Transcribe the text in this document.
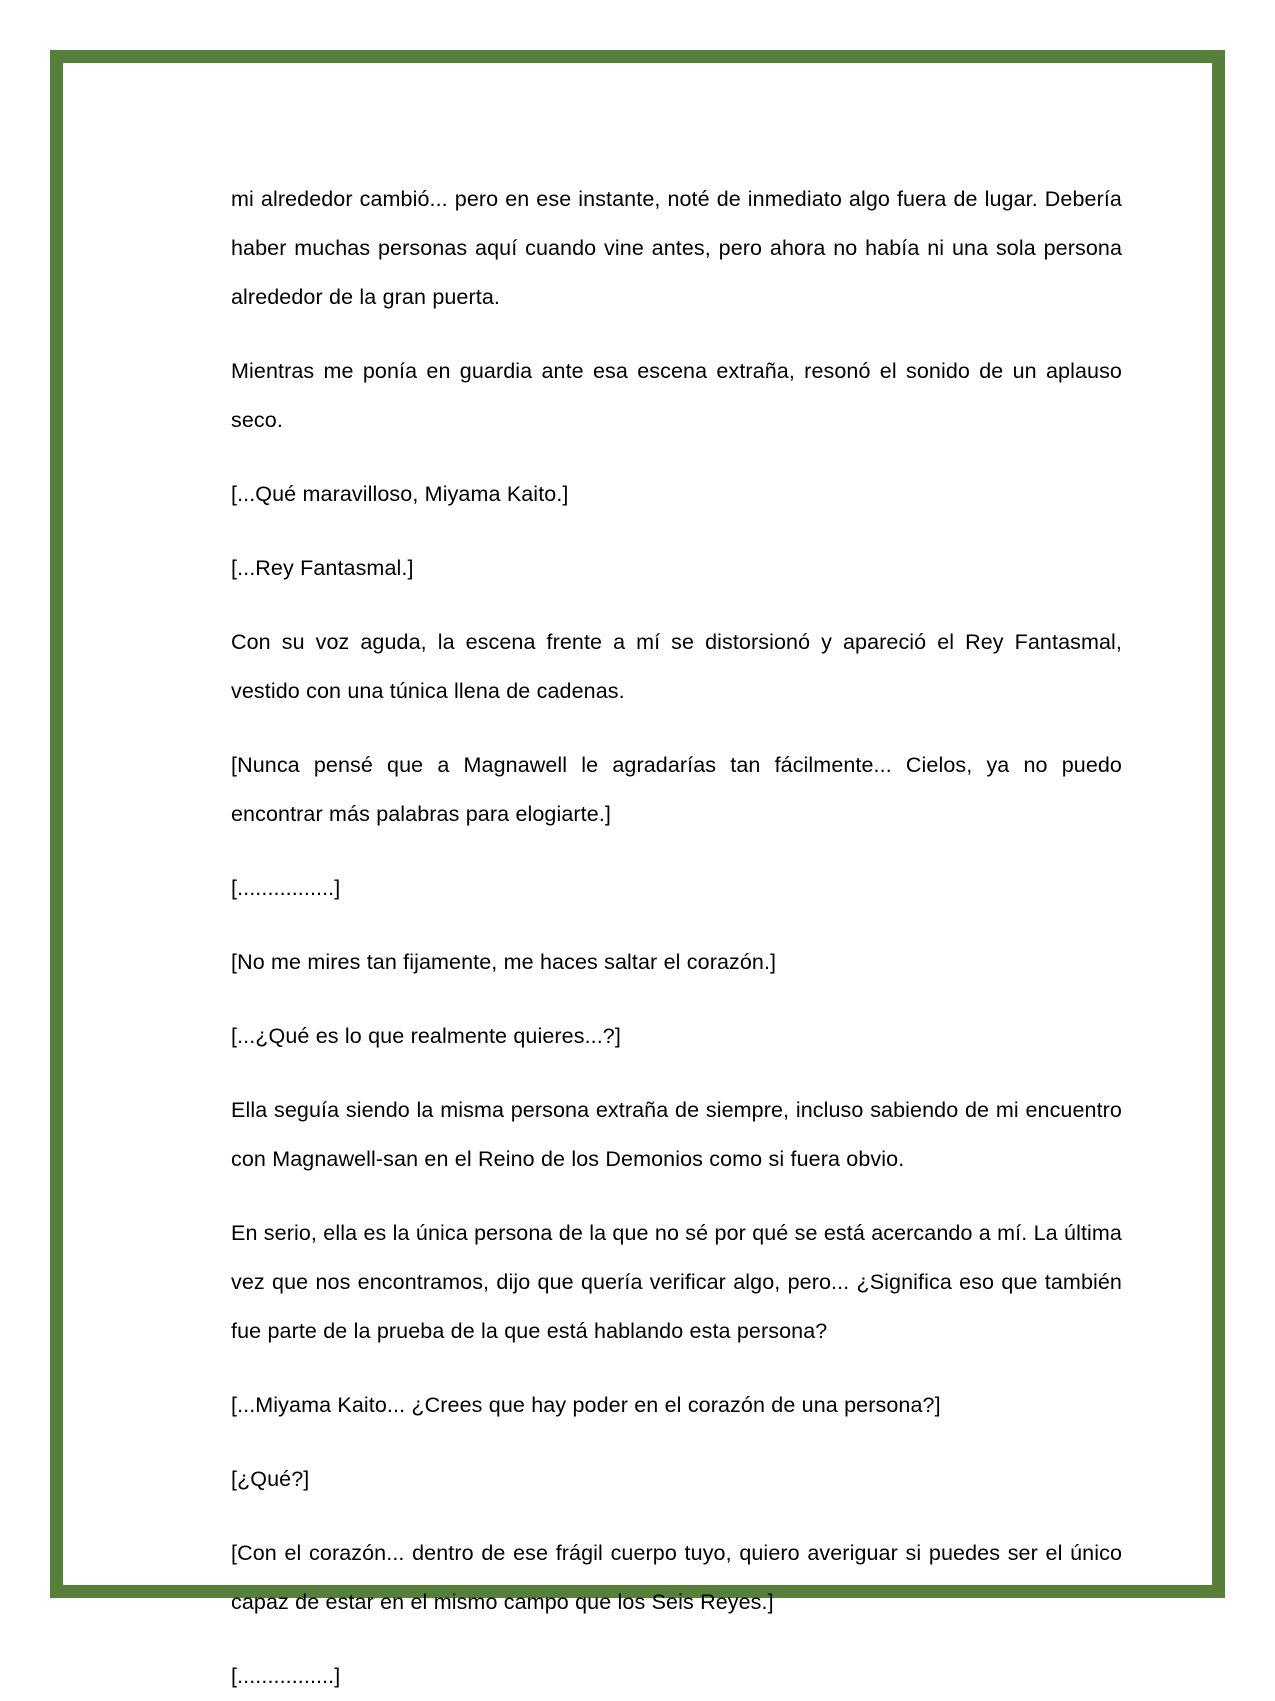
mi alrededor cambió... pero en ese instante, noté de inmediato algo fuera de lugar. Debería haber muchas personas aquí cuando vine antes, pero ahora no había ni una sola persona alrededor de la gran puerta.

Mientras me ponía en guardia ante esa escena extraña, resonó el sonido de un aplauso seco.

[...Qué maravilloso, Miyama Kaito.]

[...Rey Fantasmal.]

Con su voz aguda, la escena frente a mí se distorsionó y apareció el Rey Fantasmal, vestido con una túnica llena de cadenas.

[Nunca pensé que a Magnawell le agradarías tan fácilmente... Cielos, ya no puedo encontrar más palabras para elogiarte.]

[................]

[No me mires tan fijamente, me haces saltar el corazón.]

[...¿Qué es lo que realmente quieres...?]

Ella seguía siendo la misma persona extraña de siempre, incluso sabiendo de mi encuentro con Magnawell-san en el Reino de los Demonios como si fuera obvio.

En serio, ella es la única persona de la que no sé por qué se está acercando a mí. La última vez que nos encontramos, dijo que quería verificar algo, pero... ¿Significa eso que también fue parte de la prueba de la que está hablando esta persona?

[...Miyama Kaito... ¿Crees que hay poder en el corazón de una persona?]

[¿Qué?]

[Con el corazón... dentro de ese frágil cuerpo tuyo, quiero averiguar si puedes ser el único capaz de estar en el mismo campo que los Seis Reyes.]

[................]
